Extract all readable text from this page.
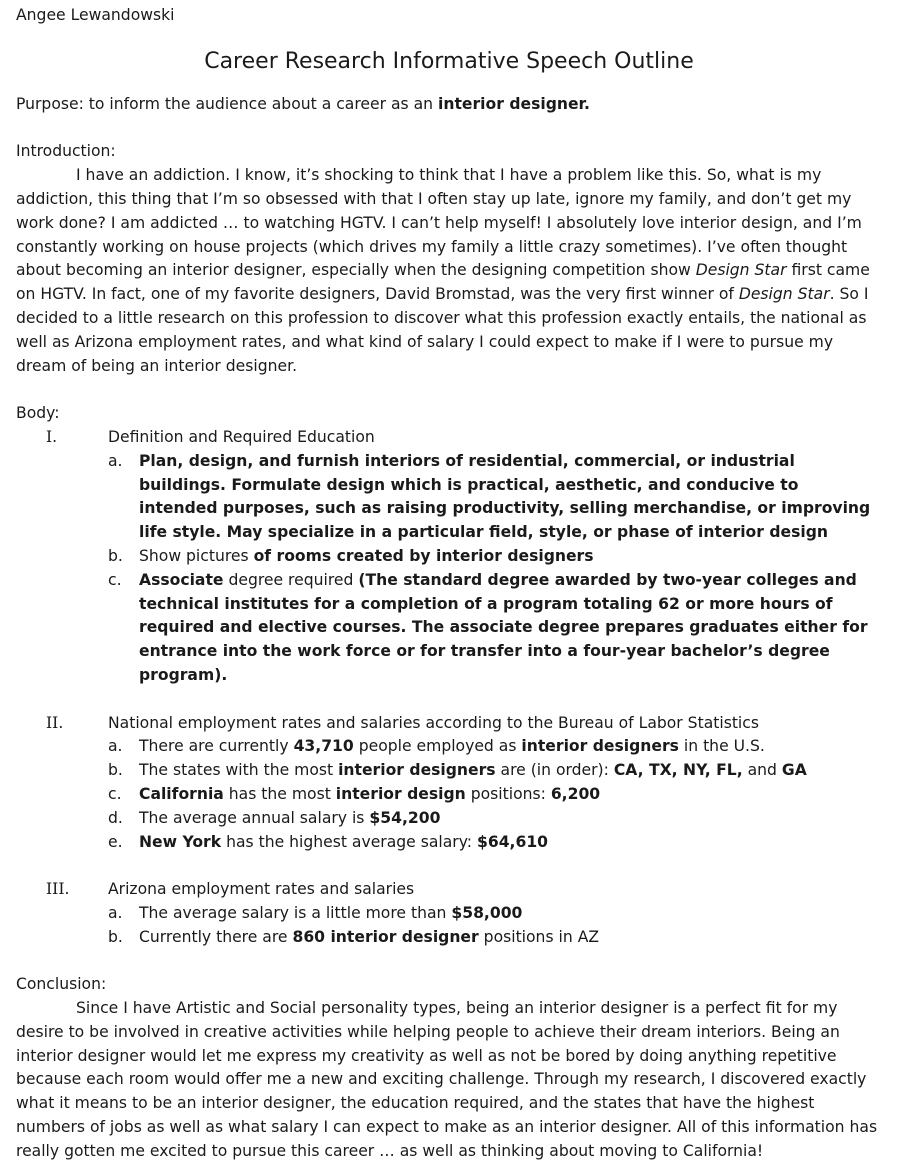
Angee Lewandowski

Career Research Informative Speech Outline

Purpose: to inform the audience about a career as an interior designer.

Introduction:

I have an addiction. I know, it’s shocking to think that I have a problem like this. So, what is my addiction, this thing that I’m so obsessed with that I often stay up late, ignore my family, and don’t get my work done? I am addicted … to watching HGTV. I can’t help myself! I absolutely love interior design, and I’m constantly working on house projects (which drives my family a little crazy sometimes). I’ve often thought about becoming an interior designer, especially when the designing competition show Design Star first came on HGTV. In fact, one of my favorite designers, David Bromstad, was the very first winner of Design Star. So I decided to a little research on this profession to discover what this profession exactly entails, the national as well as Arizona employment rates, and what kind of salary I could expect to make if I were to pursue my dream of being an interior designer.

Body:

I.	Definition and Required Education
a. Plan, design, and furnish interiors of residential, commercial, or industrial buildings. Formulate design which is practical, aesthetic, and conducive to intended purposes, such as raising productivity, selling merchandise, or improving life style. May specialize in a particular field, style, or phase of interior design
b. Show pictures of rooms created by interior designers
c. Associate degree required (The standard degree awarded by two-year colleges and technical institutes for a completion of a program totaling 62 or more hours of required and elective courses. The associate degree prepares graduates either for entrance into the work force or for transfer into a four-year bachelor’s degree program).
II.	National employment rates and salaries according to the Bureau of Labor Statistics
a. There are currently 43,710 people employed as interior designers in the U.S.
b. The states with the most interior designers are (in order): CA, TX, NY, FL, and GA
c. California has the most interior design positions: 6,200
d. The average annual salary is $54,200
e. New York has the highest average salary: $64,610
III. Arizona employment rates and salaries
a. The average salary is a little more than $58,000
b. Currently there are 860 interior designer positions in AZ

Conclusion:

Since I have Artistic and Social personality types, being an interior designer is a perfect fit for my desire to be involved in creative activities while helping people to achieve their dream interiors. Being an interior designer would let me express my creativity as well as not be bored by doing anything repetitive because each room would offer me a new and exciting challenge. Through my research, I discovered exactly what it means to be an interior designer, the education required, and the states that have the highest numbers of jobs as well as what salary I can expect to make as an interior designer. All of this information has really gotten me excited to pursue this career … as well as thinking about moving to California!
